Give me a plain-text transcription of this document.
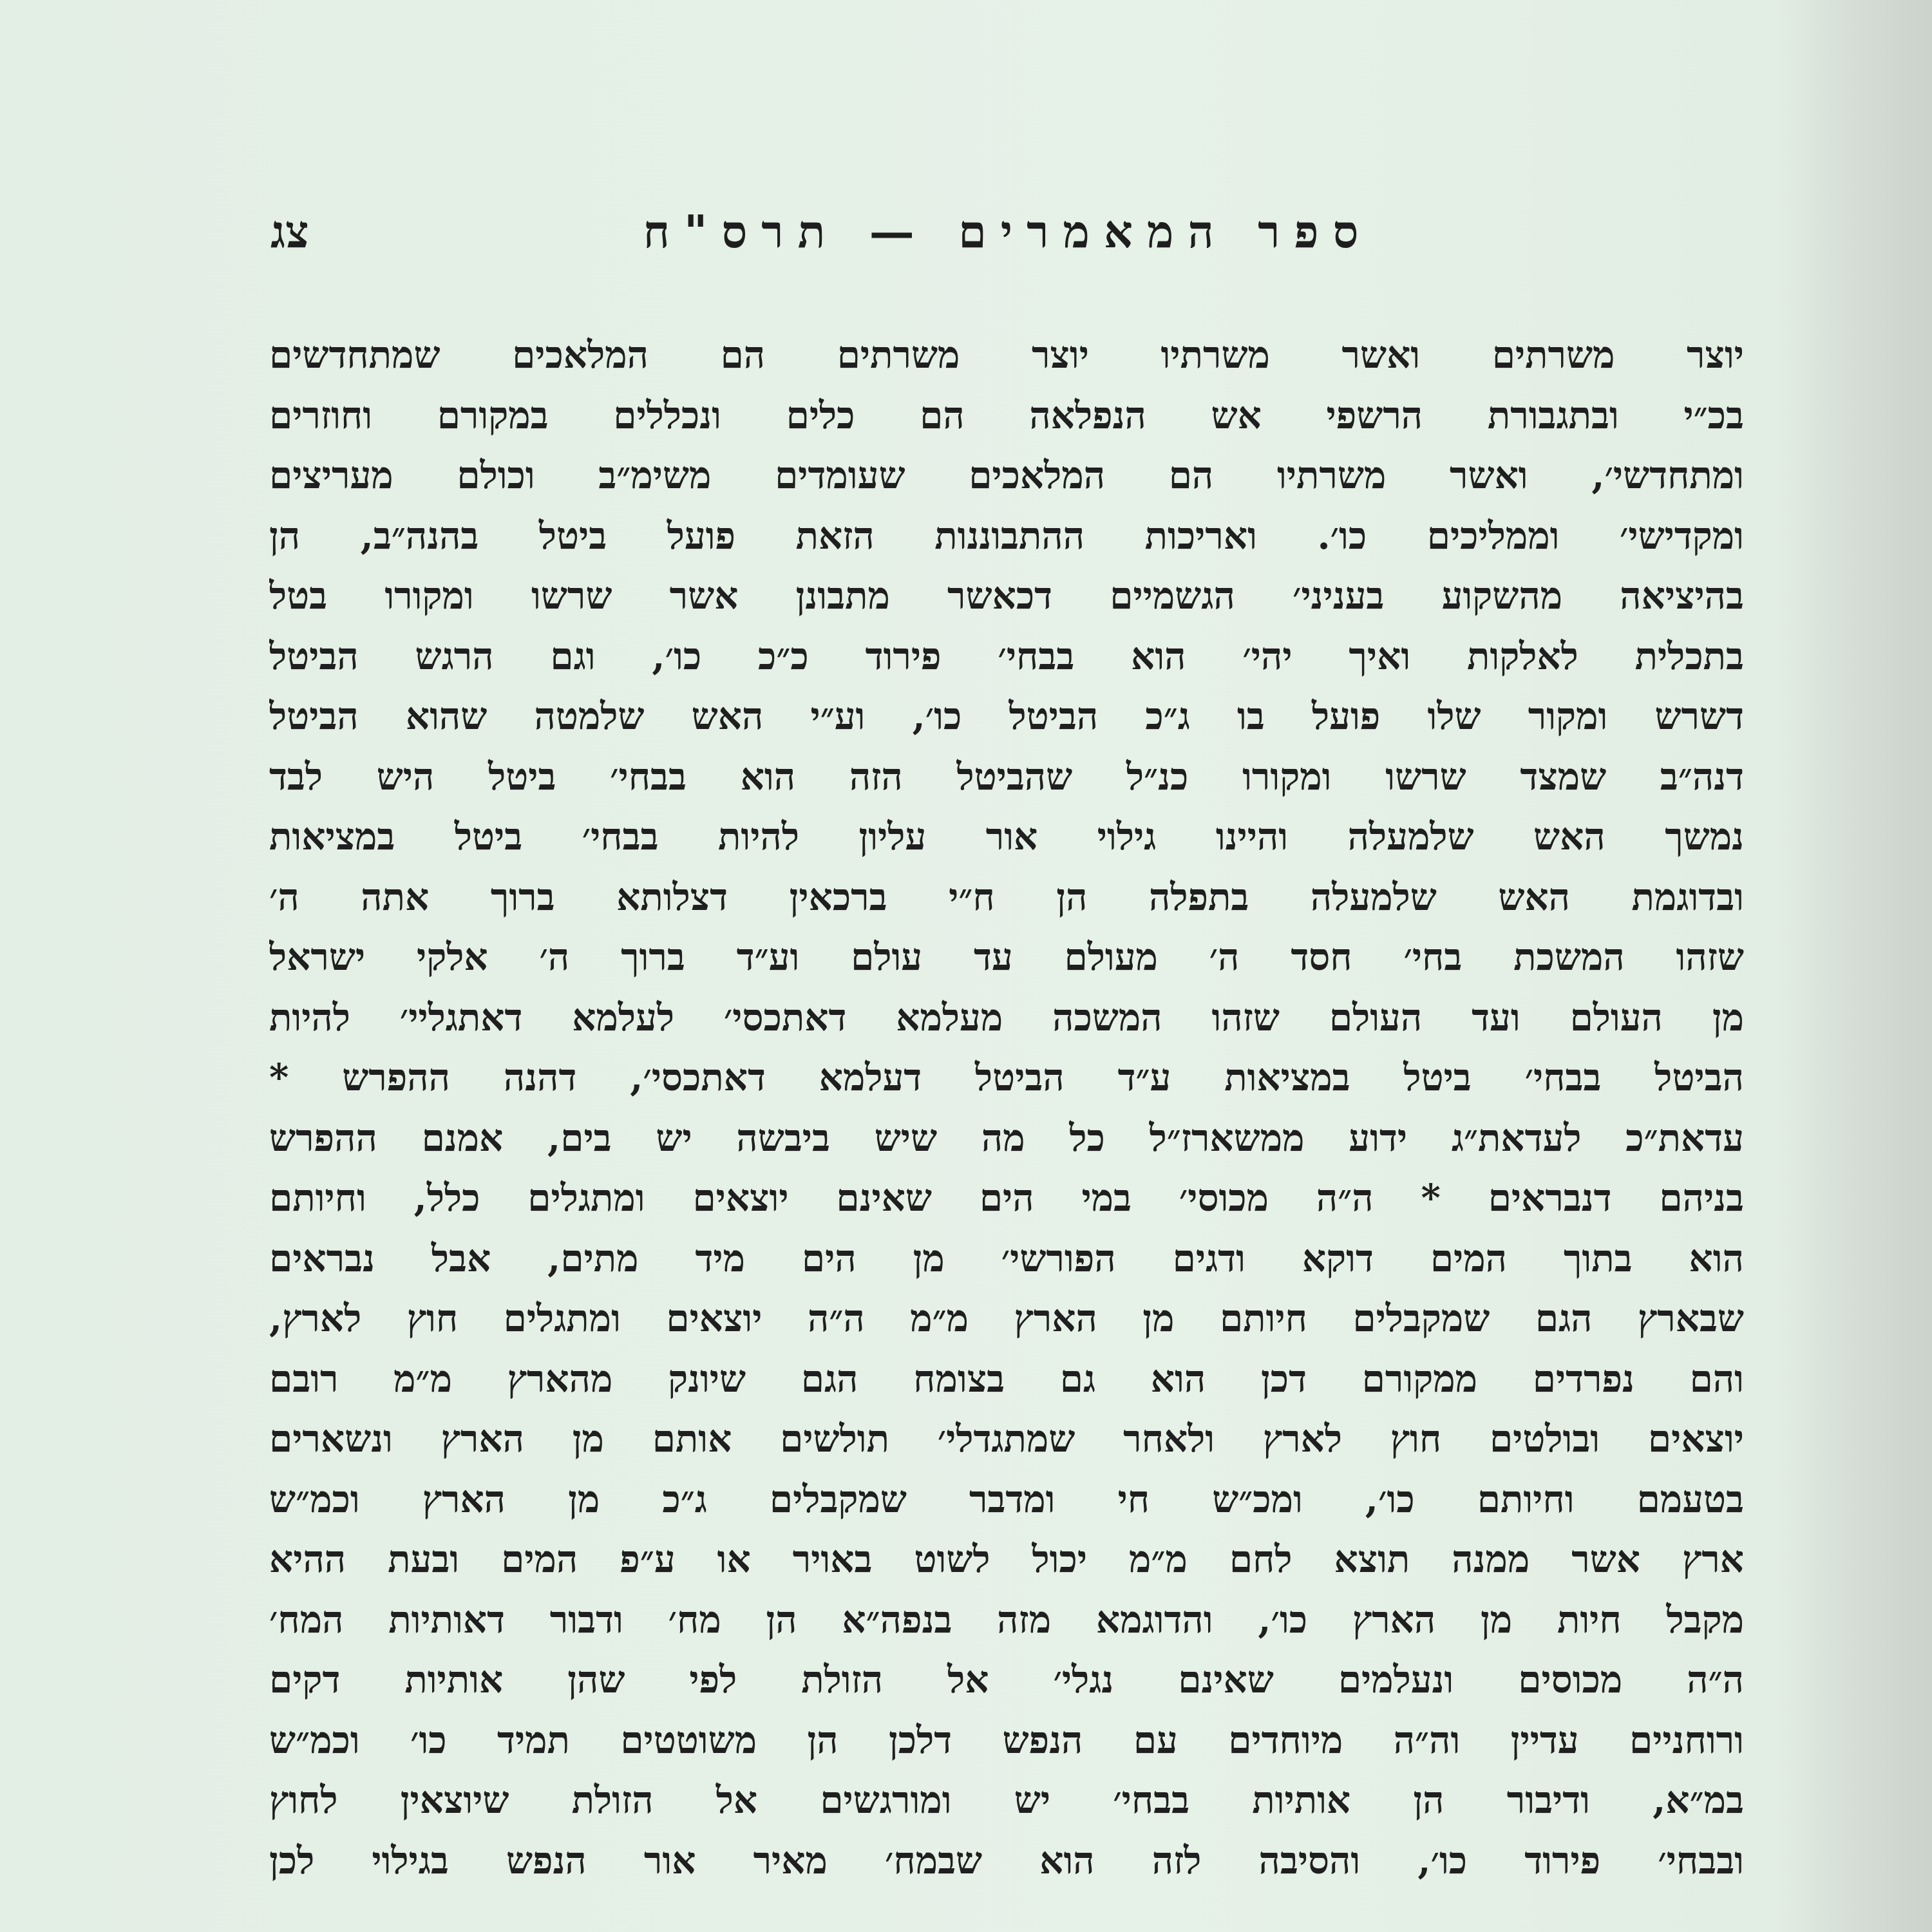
ספר המאמרים — תרס"ח
צג
יוצר משרתים ואשר משרתיו יוצר משרתים הם המלאכים שמתחדשים
בכ״י ובתגבורת הרשפי אש הנפלאה הם כלים ונכללים במקורם וחוזרים
ומתחדשי׳, ואשר משרתיו הם המלאכים שעומדים משימ״ב וכולם מעריצים
ומקדישי׳ וממליכים כו׳. ואריכות ההתבוננות הזאת פועל ביטל בהנה״ב, הן
בהיציאה מהשקוע בעניני׳ הגשמיים דכאשר מתבונן אשר שרשו ומקורו בטל
בתכלית לאלקות ואיך יהי׳ הוא בבחי׳ פירוד כ״כ כו׳, וגם הרגש הביטל
דשרש ומקור שלו פועל בו ג״כ הביטל כו׳, וע״י האש שלמטה שהוא הביטל
דנה״ב שמצד שרשו ומקורו כנ״ל שהביטל הזה הוא בבחי׳ ביטל היש לבד
נמשך האש שלמעלה והיינו גילוי אור עליון להיות בבחי׳ ביטל במציאות
ובדוגמת האש שלמעלה בתפלה הן ח״י ברכאין דצלותא ברוך אתה ה׳
שזהו המשכת בחי׳ חסד ה׳ מעולם עד עולם וע״ד ברוך ה׳ אלקי ישראל
מן העולם ועד העולם שזהו המשכה מעלמא דאתכסי׳ לעלמא דאתגליי׳ להיות
הביטל בבחי׳ ביטל במציאות ע״ד הביטל דעלמא דאתכסי׳, דהנה ההפרש *
עדאת״כ לעדאת״ג ידוע ממשארז״ל כל מה שיש ביבשה יש בים, אמנם ההפרש
בניהם דנבראים * ה״ה מכוסי׳ במי הים שאינם יוצאים ומתגלים כלל, וחיותם
הוא בתוך המים דוקא ודגים הפורשי׳ מן הים מיד מתים, אבל נבראים
שבארץ הגם שמקבלים חיותם מן הארץ מ״מ ה״ה יוצאים ומתגלים חוץ לארץ,
והם נפרדים ממקורם דכן הוא גם בצומח הגם שיונק מהארץ מ״מ רובם
יוצאים ובולטים חוץ לארץ ולאחר שמתגדלי׳ תולשים אותם מן הארץ ונשארים
בטעמם וחיותם כו׳, ומכ״ש חי ומדבר שמקבלים ג״כ מן הארץ וכמ״ש
ארץ אשר ממנה תוצא לחם מ״מ יכול לשוט באויר או ע״פ המים ובעת ההיא
מקבל חיות מן הארץ כו׳, והדוגמא מזה בנפה״א הן מח׳ ודבור דאותיות המח׳
ה״ה מכוסים ונעלמים שאינם נגלי׳ אל הזולת לפי שהן אותיות דקים
ורוחניים עדיין וה״ה מיוחדים עם הנפש דלכן הן משוטטים תמיד כו׳ וכמ״ש
במ״א, ודיבור הן אותיות בבחי׳ יש ומורגשים אל הזולת שיוצאין לחוץ
ובבחי׳ פירוד כו׳, והסיבה לזה הוא שבמח׳ מאיר אור הנפש בגילוי לכן
